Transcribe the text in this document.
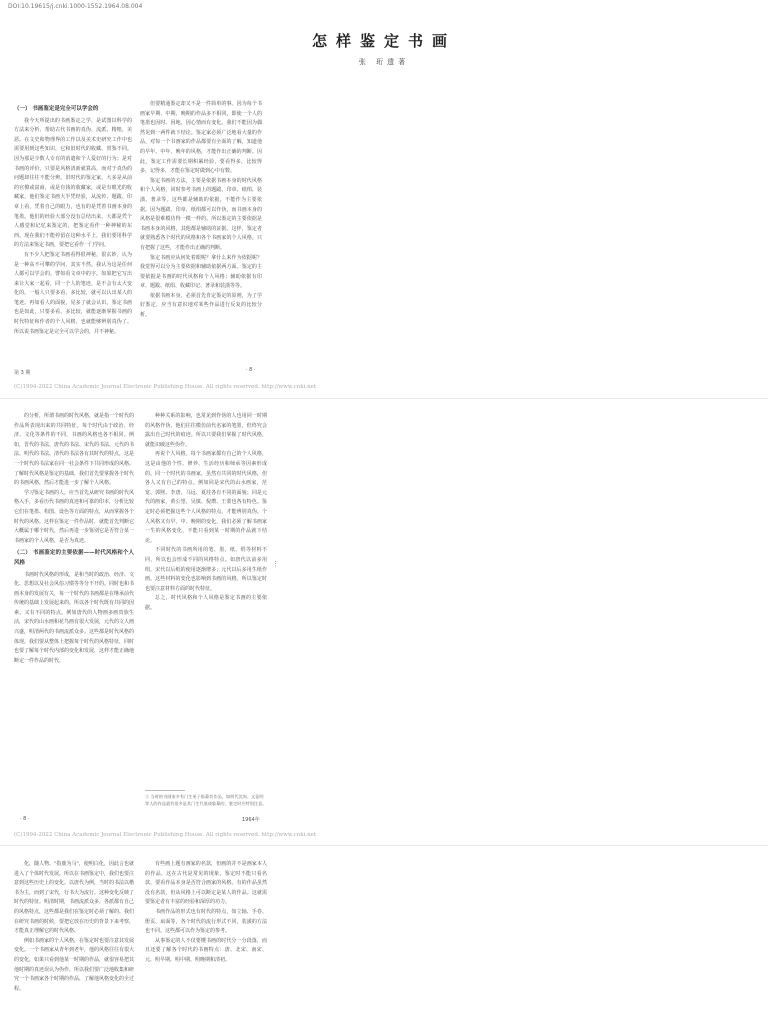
DOI:10.19615/j.cnki.1000-1552.1964.08.004
怎样鉴定书画
张 珩遗著
（一） 书画鉴定是完全可以学会的

我今天所提出的书画鉴定之学，是试图以科学的方法来分析、帮助古代书画的真伪、流派、精粗、美恶。在文史和物理界的工作以及美术史研究工作中也需要用到这些知识，它和旧时代的收藏、赏鉴不同。因为那是少数人专有的消遣和个人爱好的行为；是对书画的评价，只要是风格清新就算高，而对于真伪的问题却往往不能分辨。旧时代的鉴定家，大多是从前的官僚或富商，或是有钱的收藏家，或是有眼光的收藏家，他们鉴定书画大半凭经验，从流传、题跋、印章上看，凭着自己的眼力，也有的是凭着书画本身的笔墨。他们的经验大部分没有总结出来，大都是凭个人感觉和记忆来鉴定的，把鉴定看作一种神秘的东西。现在我们不能停留在这种水平上，我们要用科学的方法来鉴定书画，要把它看作一门学问。

有不少人把鉴定书画看得很神秘，很玄妙，认为是一种高不可攀的学问，其实不然。我认为这是任何人都可以学会的。譬如看文章中的字，如果把它写出来让大家一起看，同一个人的笔迹，是不会有太大变化的。一般人只要多看、多比较，就可以认出某人的笔迹。再如看人的面貌，见多了就会认识。鉴定书画也是如此，只要多看、多比较，就能逐渐掌握书画的时代特征和作者的个人风格，也就能够辨别真伪了。所以说书画鉴定是完全可以学会的，并不神秘。

但要精通鉴定却又不是一件简单的事。因为每个书画家早期、中期、晚期的作品多不相同，即使一个人的笔墨也因时、因地、因心情而有变化。我们不能因为偶然见到一两件就下结论。鉴定家必须广泛地看大量的作品，对每一个书画家的作品都要有全面的了解，知道他的早年、中年、晚年的风格，才能作出正确的判断。因此，鉴定工作需要长期积累经验，要看得多，比较得多，记得多，才能在鉴定时做到心中有数。

鉴定书画的方法，主要是依据书画本身的时代风格和个人风格，同时参考书画上的题跋、印章、纸绢、装潢、著录等。这些都是辅助的依据，不能作为主要依据。因为题跋、印章、纸绢都可以作伪，而书画本身的风格是很难模仿得一模一样的。所以鉴定的主要依据是书画本身的风格，其他都是辅助的证据。这样，鉴定者就要熟悉各个时代的风格和各个书画家的个人风格。只有把握了这些，才能作出正确的判断。

鉴定书画应从何处着眼呢？拿什么来作为依据呢？我觉得可以分为主要依据和辅助依据两方面。鉴定的主要依据是书画的时代风格和个人风格；辅助依据有印章、题跋、纸绢、收藏印记、著录和装潢等等。

依据书画本身，必须首先肯定鉴定的原则，为了学好鉴定，应当有意识地对某些作品进行反复的比较分析。

第 3 期	· 8 ·
(C)1994-2022 China Academic Journal Electronic Publishing House. All rights reserved. http://www.cnki.net

的分析，所谓书画的时代风格，就是指一个时代的作品所表现出来的共同特征。每个时代由于政治、经济、文化等条件的不同，书画的风格也各不相同。例如，晋代的书法、唐代的书法、宋代的书法、元代的书法、明代的书法、清代的书法各有其时代的特点，这是一个时代的书法家在同一社会条件下共同形成的风格。了解时代风格是鉴定的基础，我们首先要掌握各个时代的书画风格，然后才能进一步了解个人风格。

学习鉴定书画的人，应当首先从研究书画的时代风格入手，多看历代书画的真迹和可靠的印本，分析比较它们在笔墨、构图、设色等方面的特点，从而掌握各个时代的风格。这样在鉴定一件作品时，就能首先判断它大概属于哪个时代，然后再进一步鉴别它是否符合某一书画家的个人风格，是否为真迹。

（二） 书画鉴定的主要依据——时代风格和个人风格

书画时代风格的形成，是和当时的政治、经济、文化、思想以及社会风俗习惯等等分不开的。同时也和书画本身的发展有关，每一个时代的书画都是在继承前代传统的基础上发展起来的。所以各个时代既有共同的因素，又有不同的特点。例如唐代的人物画多画贵族生活，宋代的山水画和花鸟画有很大发展，元代的文人画兴盛，明清两代的书画流派众多。这些都是时代风格的体现。我们要从整体上把握每个时代的风格特征，同时也要了解每个时代内部的变化和发展，这样才能正确地断定一件作品的时代。

种种关系的影响，也常见到作伪的人也用同一时期的风格作伪，他们往往模仿前代名家的笔墨，但终究会露出自己时代的痕迹。所以只要我们掌握了时代风格，就能识破这些伪作。

再说个人风格。每个书画家都有自己的个人风格，这是由他的个性、修养、生活经历和师承等因素形成的。同一个时代的书画家，虽然有共同的时代风格，但各人又有自己的特点。例如同是宋代的山水画家，范宽、郭熙、李唐、马远、夏珪各有不同的面貌；同是元代的画家，黄公望、吴镇、倪瓒、王蒙也各有特色。鉴定时必须把握这些个人风格的特点，才能辨别真伪。个人风格又有早、中、晚期的变化，我们必须了解书画家一生的风格变化，不能只看到某一时期的作品就下结论。

不同时代的书画所用的笔、墨、纸、绢等材料不同，所以也会形成不同的风格特点。如唐代以前多用绢，宋代以后纸的使用逐渐增多；元代以后多用生纸作画。这些材料的变化也影响到书画的风格。所以鉴定时也要注意材料方面的时代特征。

总之，时代风格和个人风格是鉴定书画的主要依据。

⋮
① 当时的书画家多有门生弟子临摹其作品，如明代沈周、文征明等人的作品就有很多是其门生代笔或临摹的，鉴定时应特别注意。
· 8 ·	1964年
(C)1994-2022 China Academic Journal Electronic Publishing House. All rights reserved. http://www.cnki.net

化，随人物、"指鹿为马"，使明白化，因此言也就进入了个体时代发展。所以在书画鉴定中，我们也要注意到这些历史上的变化。以唐代为例，当时的书法以楷书为主，而到了宋代，行书大为流行。这种变化反映了时代的特征。明清时期，书画流派众多，各派都有自己的风格特点，这些都是我们在鉴定时必须了解的。我们在研究书画的时候，要把它放在历史的背景下来考察，才能真正理解它的时代风格。

例如书画家的个人风格，在鉴定时也要注意其发展变化。一个书画家从青年到老年，他的风格往往有很大的变化，如果只看到他某一时期的作品，就很容易把其他时期的真迹误认为伪作。所以我们要广泛地收集和研究一个书画家各个时期的作品，了解他风格变化的全过程。

有些画上题有画家的名款，但画的并不是画家本人的作品，这在古代是常见的现象。鉴定时不能只看名款，要看作品本身是否符合画家的风格。有的作品虽然没有名款，但从风格上可以断定是某人的作品。这就需要鉴定者有丰富的经验和深厚的功力。

书画作品的形式也有时代的特点，如立轴、手卷、册页、扇面等，各个时代的流行形式不同，装潢的方法也不同。这些都可以作为鉴定的参考。

从事鉴定的人不仅要懂书画的时代分一分段落，而且还要了解各个时代的书画特点：唐、北宋、南宋、元、明早期、明中期、明晚期和清初。
